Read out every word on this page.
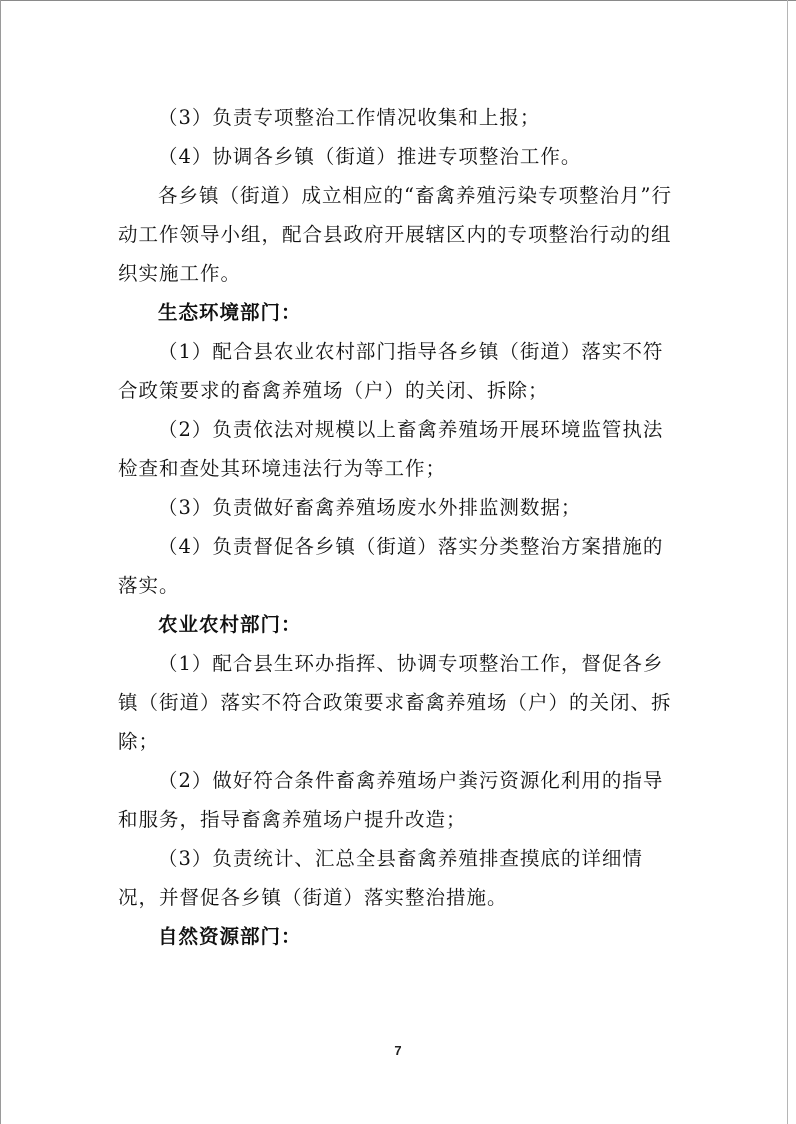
（3）负责专项整治工作情况收集和上报；

（4）协调各乡镇（街道）推进专项整治工作。

各乡镇（街道）成立相应的“畜禽养殖污染专项整治月”行动工作领导小组，配合县政府开展辖区内的专项整治行动的组织实施工作。

生态环境部门：

（1）配合县农业农村部门指导各乡镇（街道）落实不符合政策要求的畜禽养殖场（户）的关闭、拆除；

（2）负责依法对规模以上畜禽养殖场开展环境监管执法检查和查处其环境违法行为等工作；

（3）负责做好畜禽养殖场废水外排监测数据；

（4）负责督促各乡镇（街道）落实分类整治方案措施的落实。

农业农村部门：

（1）配合县生环办指挥、协调专项整治工作，督促各乡镇（街道）落实不符合政策要求畜禽养殖场（户）的关闭、拆除；

（2）做好符合条件畜禽养殖场户粪污资源化利用的指导和服务，指导畜禽养殖场户提升改造；

（3）负责统计、汇总全县畜禽养殖排查摸底的详细情况，并督促各乡镇（街道）落实整治措施。

自然资源部门：

7
